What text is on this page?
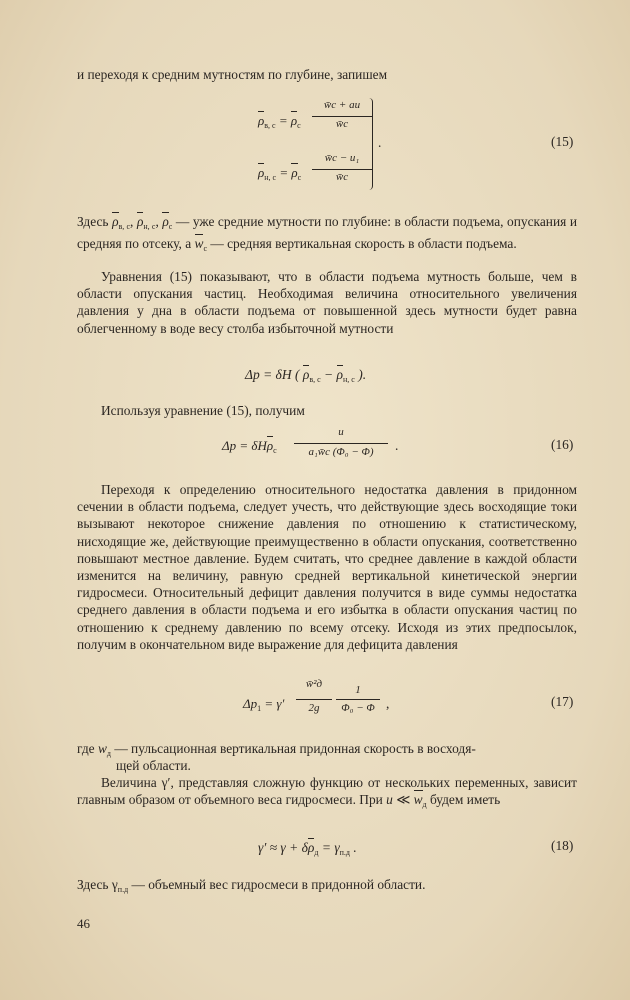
и переходя к средним мутностям по глубине, запишем
$\rho_{в, с} = \rho_с$
w̄с + au
w̄с
$\rho_{н, с} = \rho_с$
w̄с − u₁
w̄с
.	(15)
Здесь $\rho_{в, с}$, $\rho_{н, с}$, $\rho_с$ — уже средние мутности по глубине: в области подъема, опускания и средняя по отсеку, а $w_с$ — средняя вертикальная скорость в области подъема.
Уравнения (15) показывают, что в области подъема мутность больше, чем в области опускания частиц. Необходимая величина относительного увеличения давления у дна в области подъема от повышенной здесь мутности будет равна облегченному в воде весу столба избыточной мутности
Δp = δH ( $\rho_{в, с} - \rho_{н, с}$ ).
Используя уравнение (15), получим
Δp = δHρ$_с$
u
a₁w̄с (Φ₀ − Φ)	.	(16)
Переходя к определению относительного недостатка давления в придонном сечении в области подъема, следует учесть, что действующие здесь восходящие токи вызывают некоторое снижение давления по отношению к статистическому, нисходящие же, действующие преимущественно в области опускания, соответственно повышают местное давление. Будем считать, что среднее давление в каждой области изменится на величину, равную средней вертикальной кинетической энергии гидросмеси. Относительный дефицит давления получится в виде суммы недостатка среднего давления в области подъема и его избытка в области опускания частиц по отношению к среднему давлению по всему отсеку. Исходя из этих предпосылок, получим в окончательном виде выражение для дефицита давления
$\Delta p_1 = \gamma'$
w̄²д
2g
1
Φ₀ − Φ ,	(17)
где $w_д$ — пульсационная вертикальная придонная скорость в восходя-
щей области.
Величина γ′, представляя сложную функцию от нескольких переменных, зависит главным образом от объемного веса гидросмеси. При u ≪ $w_д$ будем иметь
$\gamma' \approx \gamma + \delta\rho_д = \gamma_{п.д}$ .	(18)
Здесь $\gamma_{п.д}$ — объемный вес гидросмеси в придонной области.
46
